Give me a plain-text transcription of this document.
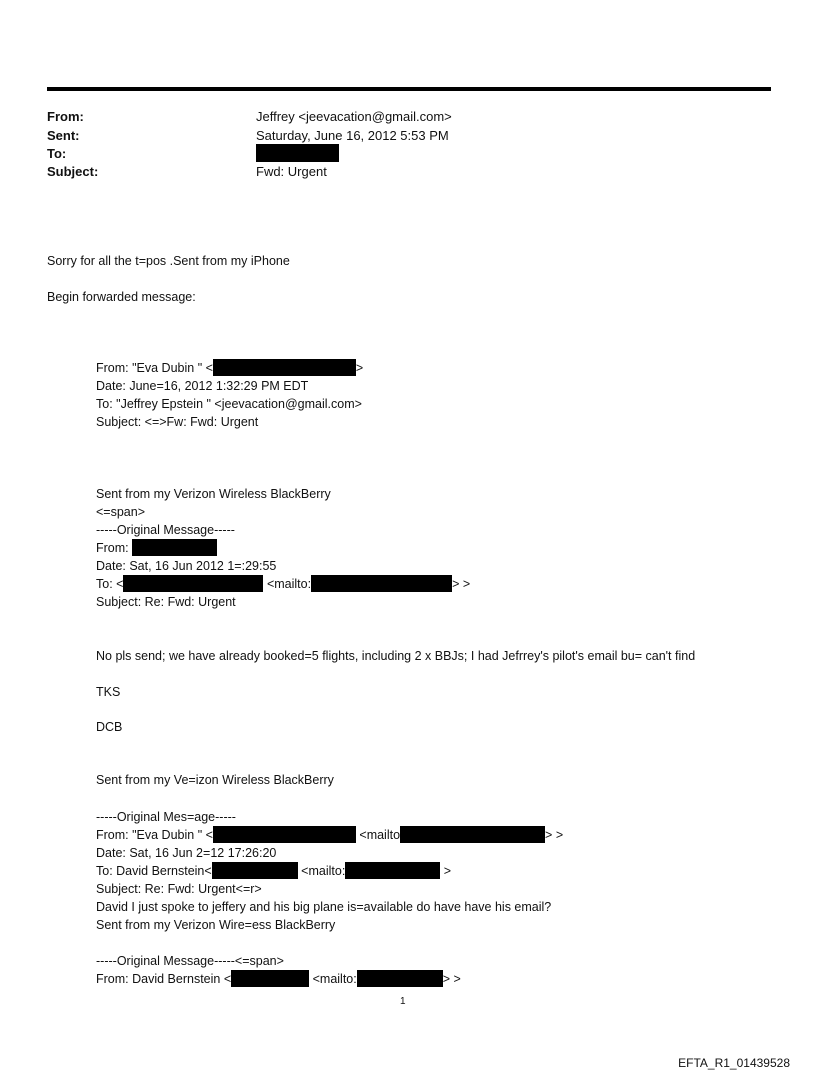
From:	Jeffrey <jeevacation@gmail.com>
Sent:	Saturday, June 16, 2012 5:53 PM
To:
Subject:	Fwd: Urgent
Sorry for all the t=pos .Sent from my iPhone
Begin forwarded message:
From: "Eva Dubin " <	>
Date: June=16, 2012 1:32:29 PM EDT
To: "Jeffrey Epstein " <jeevacation@gmail.com>
Subject: <=>Fw: Fwd: Urgent
Sent from my Verizon Wireless BlackBerry
<=span>
-----Original Message-----
From:
Date: Sat, 16 Jun 2012 1=:29:55
To: <	<mailto:	> >
Subject: Re: Fwd: Urgent
No pls send; we have already booked=5 flights, including 2 x BBJs; I had Jefrrey's pilot's email bu= can't find
TKS
DCB
Sent from my Ve=izon Wireless BlackBerry
-----Original Mes=age-----
From: "Eva Dubin " <	<mailto	> >
Date: Sat, 16 Jun 2=12 17:26:20
To: David Bernstein<	<mailto:	>
Subject: Re: Fwd: Urgent<=r>
David I just spoke to jeffery and his big plane is=available do have have his email?
Sent from my Verizon Wire=ess BlackBerry
-----Original Message-----<=span>
From: David Bernstein <	<mailto:	> >
1
EFTA_R1_01439528
